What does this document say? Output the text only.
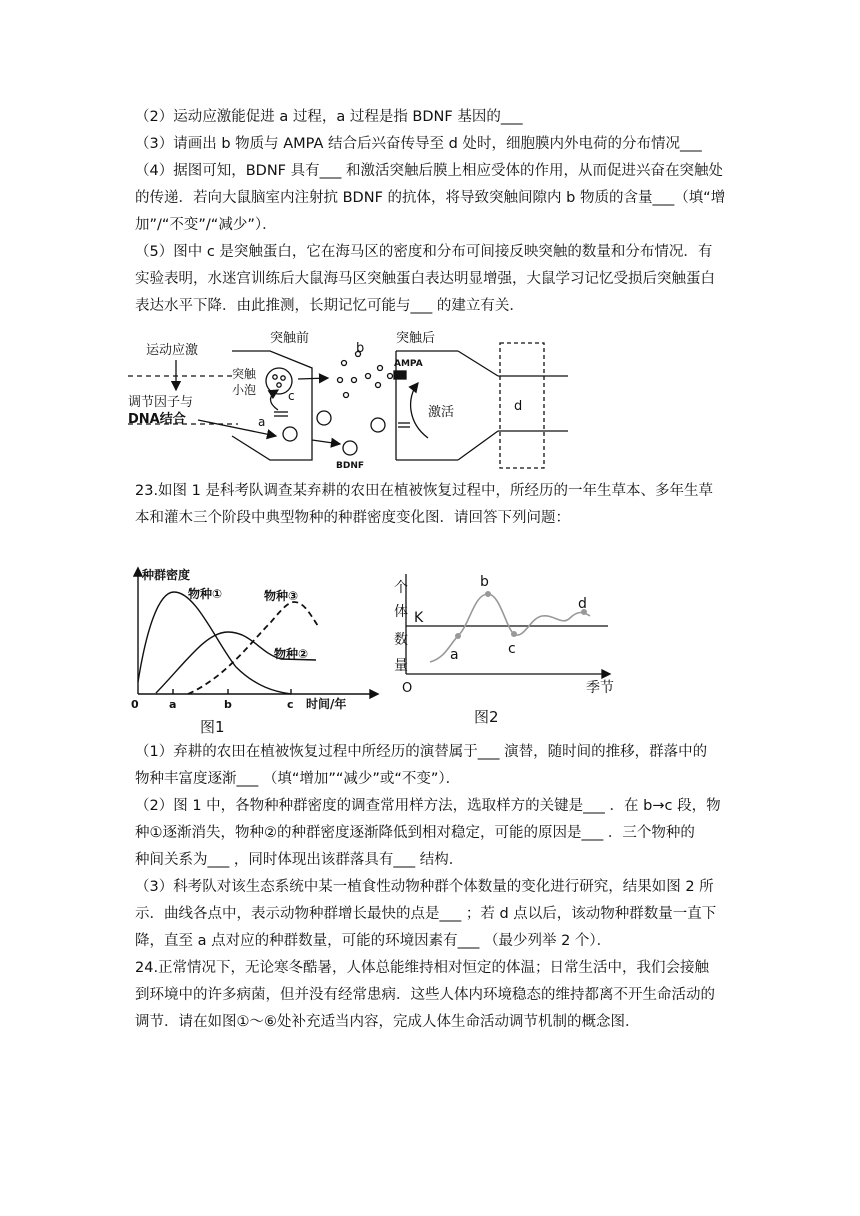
（2）运动应激能促进 a 过程，a 过程是指 BDNF 基因的___
（3）请画出 b 物质与 AMPA 结合后兴奋传导至 d 处时，细胞膜内外电荷的分布情况___
（4）据图可知，BDNF 具有___ 和激活突触后膜上相应受体的作用，从而促进兴奋在突触处
的传递．若向大鼠脑室内注射抗 BDNF 的抗体，将导致突触间隙内 b 物质的含量___（填“增
加”/“不变”/“减少”）．
（5）图中 c 是突触蛋白，它在海马区的密度和分布可间接反映突触的数量和分布情况．有
实验表明，水迷宫训练后大鼠海马区突触蛋白表达明显增强，大鼠学习记忆受损后突触蛋白
表达水平下降．由此推测，长期记忆可能与___ 的建立有关．
运动应激
突触前	突触后
调节因子与
DNA结合
突触
小泡
a
b
c
d
AMPA
BDNF
激活
23.如图 1 是科考队调查某弃耕的农田在植被恢复过程中，所经历的一年生草本、多年生草
本和灌木三个阶段中典型物种的种群密度变化图．请回答下列问题：
种群密度
时间/年
0	a	b	c
物种①
物种②
物种③
图1
个
体
数
量
K
O	季节
a
b
c
d
图2
（1）弃耕的农田在植被恢复过程中所经历的演替属于___ 演替，随时间的推移，群落中的
物种丰富度逐渐___ （填“增加”“减少”或“不变”）．
（2）图 1 中，各物种种群密度的调查常用样方法，选取样方的关键是___ ．在 b→c 段，物
种①逐渐消失，物种②的种群密度逐渐降低到相对稳定，可能的原因是___ ．三个物种的
种间关系为___ ，同时体现出该群落具有___ 结构．
（3）科考队对该生态系统中某一植食性动物种群个体数量的变化进行研究，结果如图 2 所
示．曲线各点中，表示动物种群增长最快的点是___ ；若 d 点以后，该动物种群数量一直下
降，直至 a 点对应的种群数量，可能的环境因素有___ （最少列举 2 个）．
24.正常情况下，无论寒冬酷暑，人体总能维持相对恒定的体温；日常生活中，我们会接触
到环境中的许多病菌，但并没有经常患病．这些人体内环境稳态的维持都离不开生命活动的
调节．请在如图①～⑥处补充适当内容，完成人体生命活动调节机制的概念图．
